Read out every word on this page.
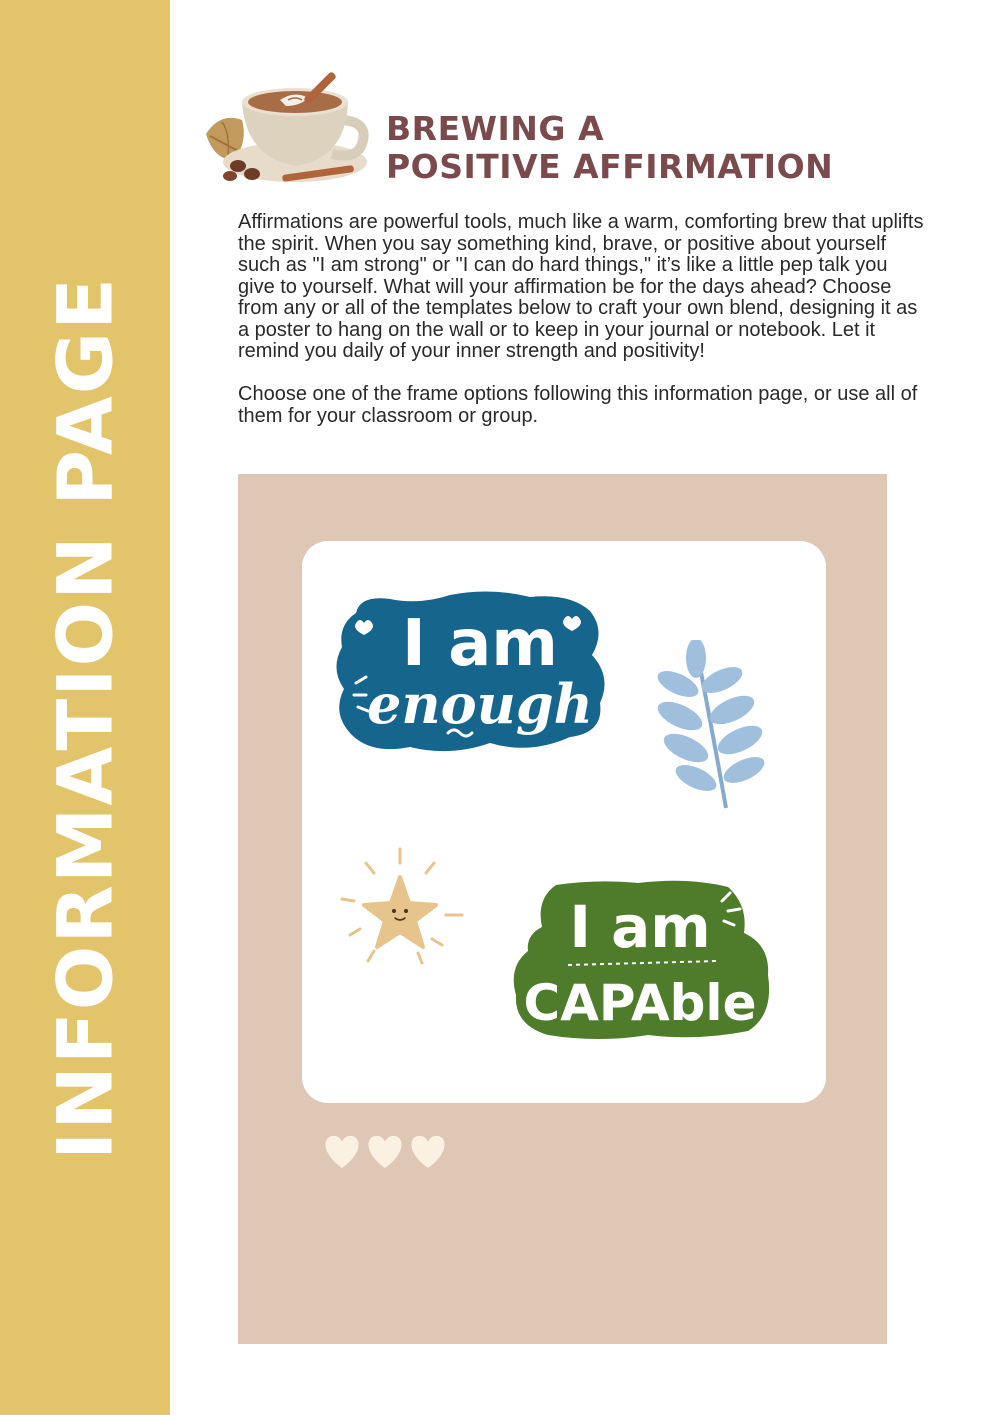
INFORMATION PAGE
BREWING A
POSITIVE AFFIRMATION

Affirmations are powerful tools, much like a warm, comforting brew that uplifts the spirit. When you say something kind, brave, or positive about yourself such as "I am strong" or "I can do hard things," it’s like a little pep talk you give to yourself. What will your affirmation be for the days ahead? Choose from any or all of the templates below to craft your own blend, designing it as a poster to hang on the wall or to keep in your journal or notebook. Let it remind you daily of your inner strength and positivity!

Choose one of the frame options following this information page, or use all of them for your classroom or group.

I am
enough
I am
CAPAble
